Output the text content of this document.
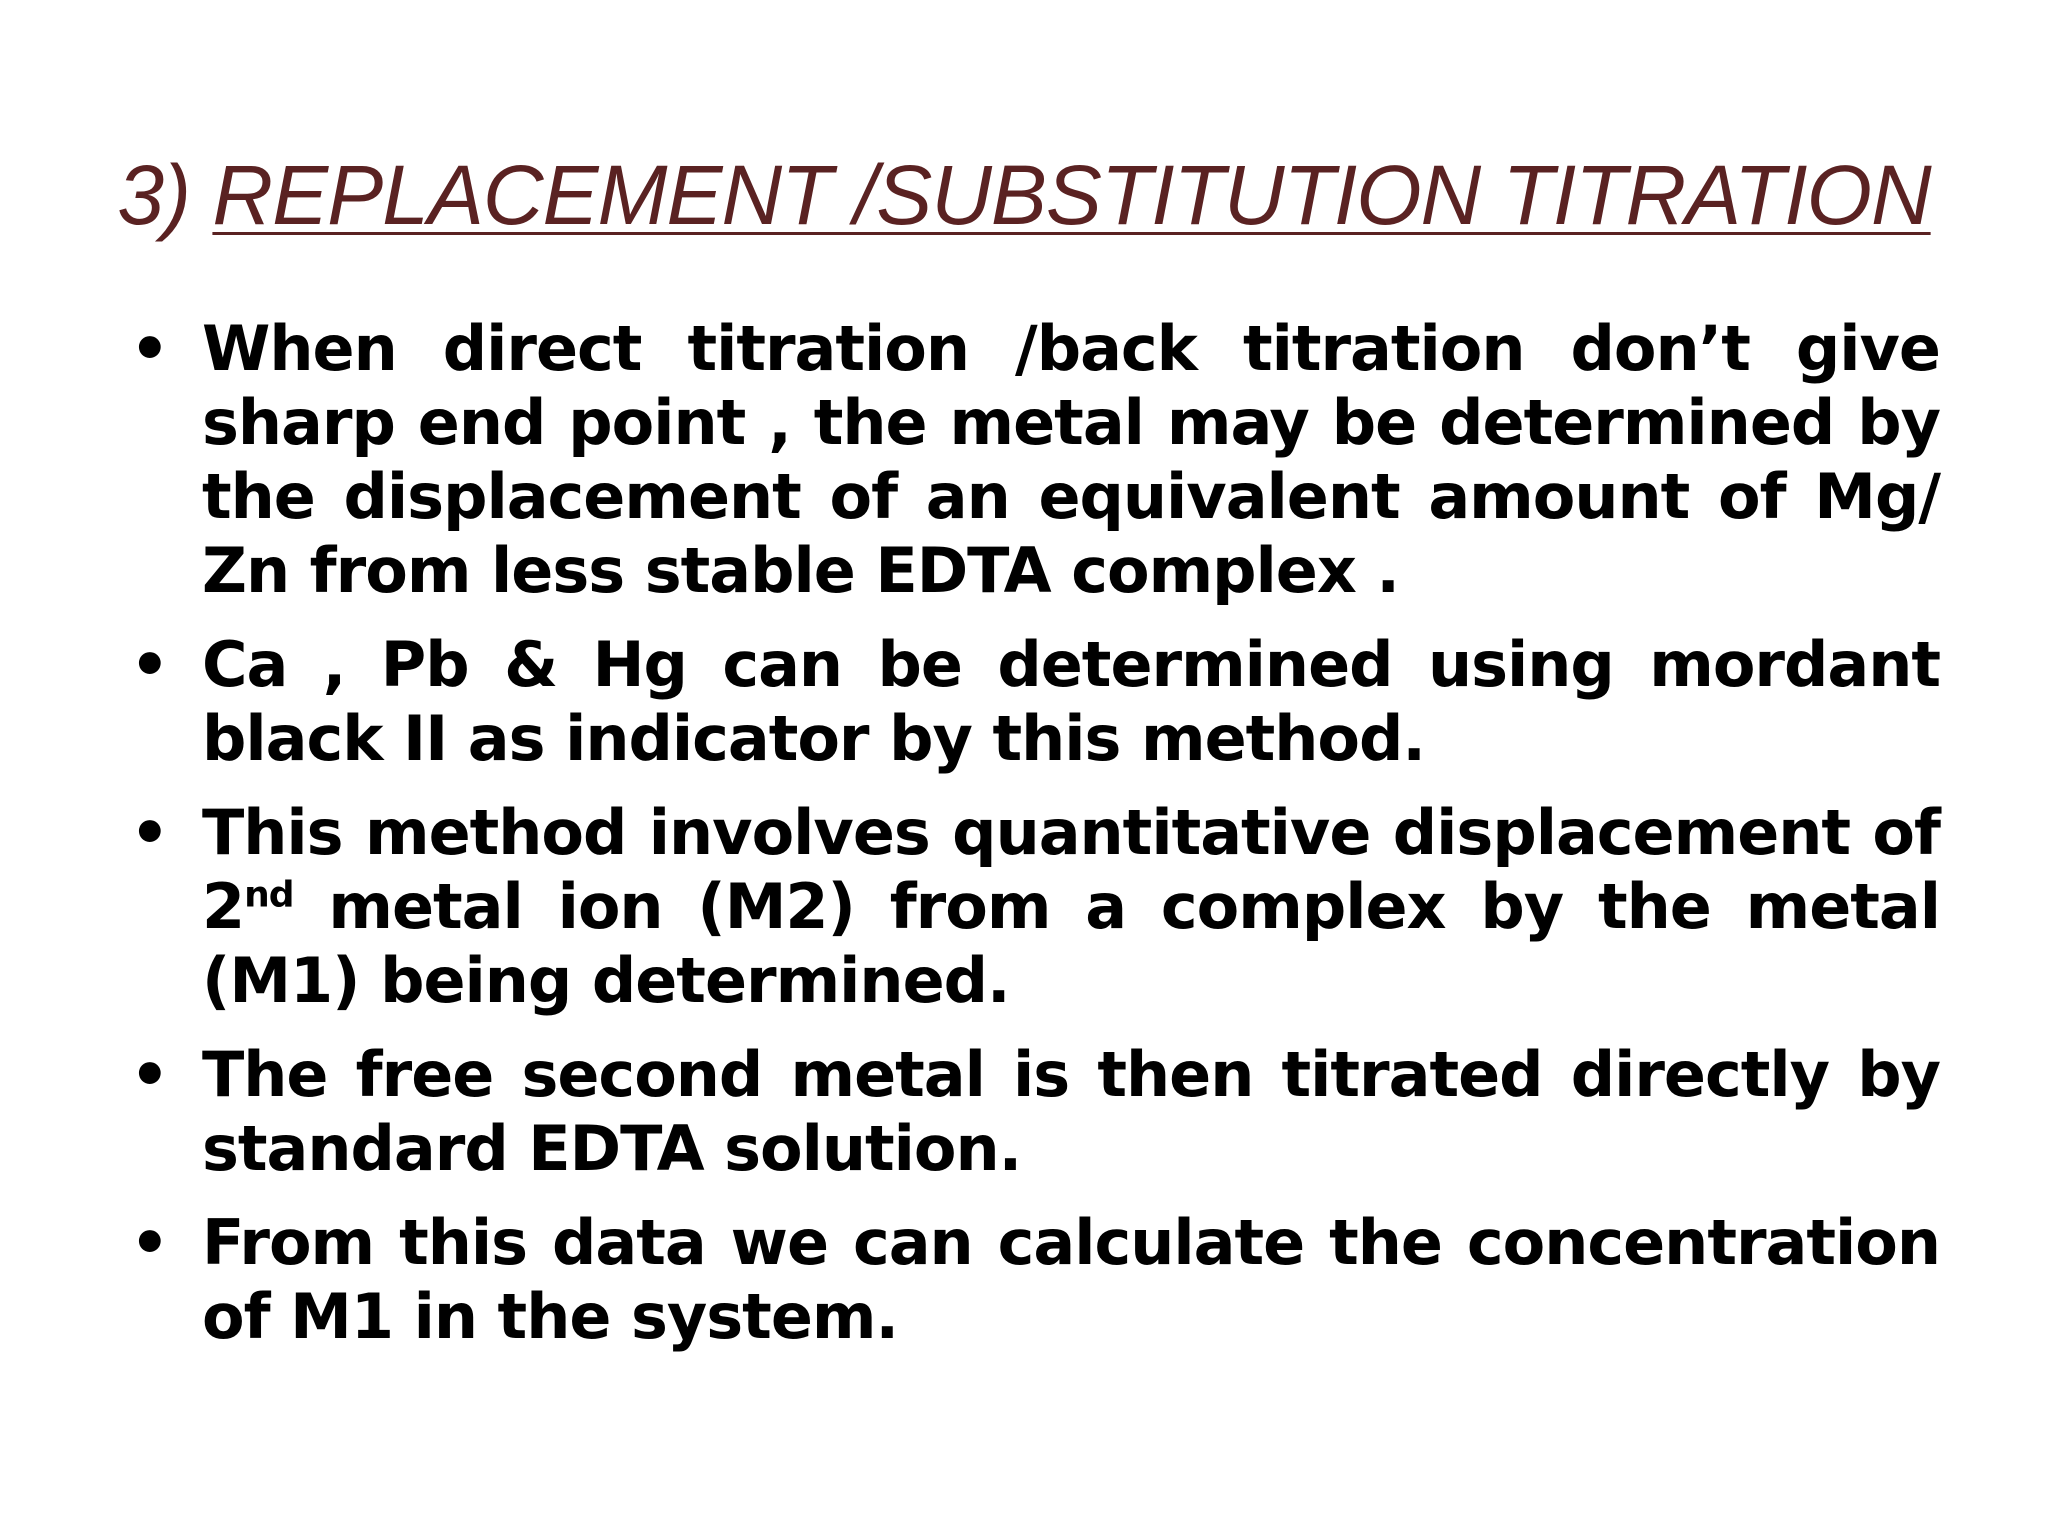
3) REPLACEMENT /SUBSTITUTION TITRATION
• When direct titration /back titration don’t give sharp end point , the metal may be determined by the displacement of an equivalent amount of Mg/ Zn from less stable EDTA complex .
• Ca , Pb & Hg can be determined using mordant black II as indicator by this method.
• This method involves quantitative displacement of 2nd metal ion (M2) from a complex by the metal (M1) being determined.
• The free second metal is then titrated directly by standard EDTA solution.
• From this data we can calculate the concentration of M1 in the system.
